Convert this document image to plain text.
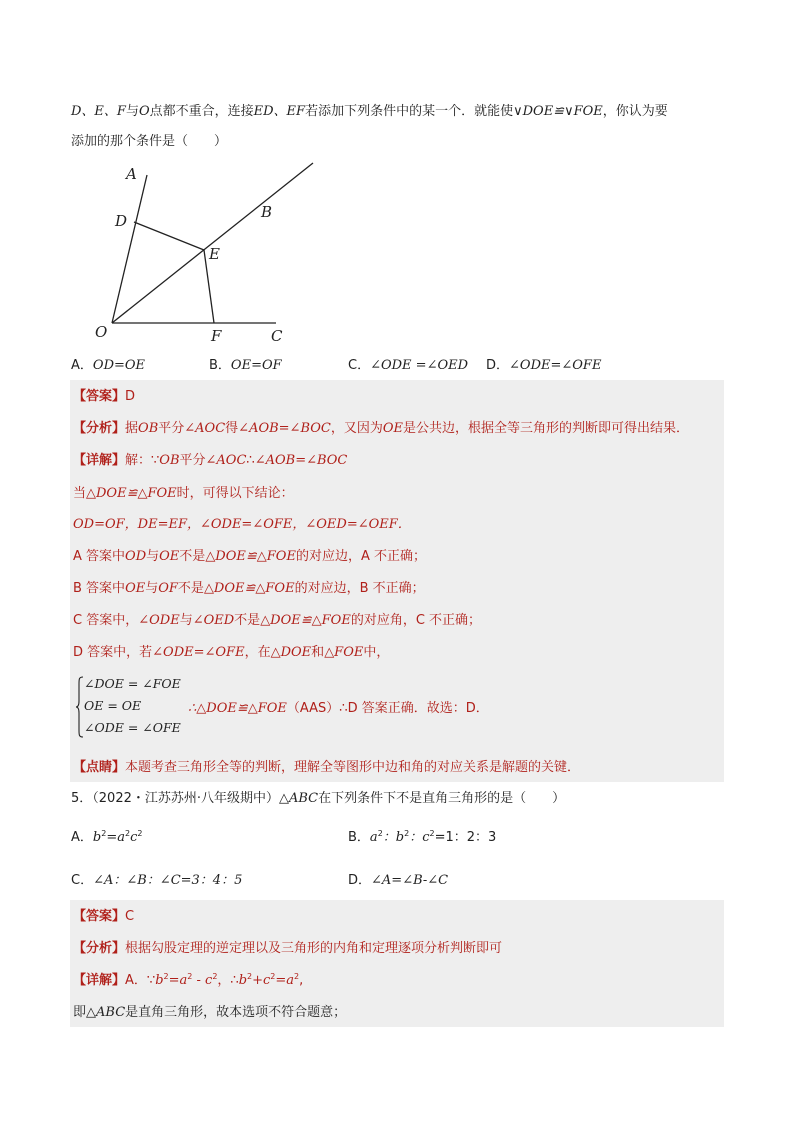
D、E、F与O点都不重合，连接ED、EF若添加下列条件中的某一个．就能使∨DOE≌∨FOE，你认为要
添加的那个条件是（　　）
A
B
C
D
E
F
O
A．OD=OE	B．OE=OF	C．∠ODE =∠OED D．∠ODE=∠OFE
【答案】D
【分析】据OB平分∠AOC得∠AOB=∠BOC，又因为OE是公共边，根据全等三角形的判断即可得出结果．
【详解】解：∵OB平分∠AOC∴∠AOB=∠BOC
当△DOE≌△FOE时，可得以下结论：
OD=OF，DE=EF，∠ODE=∠OFE，∠OED=∠OEF．
A 答案中OD与OE不是△DOE≌△FOE的对应边，A 不正确；
B 答案中OE与OF不是△DOE≌△FOE的对应边，B 不正确；
C 答案中，∠ODE与∠OED不是△DOE≌△FOE的对应角，C 不正确；
D 答案中，若∠ODE=∠OFE，在△DOE和△FOE中，
∠DOE = ∠FOE
OE = OE
∠ODE = ∠OFE
∴△DOE≌△FOE（AAS）∴D 答案正确．故选：D．
【点睛】本题考查三角形全等的判断，理解全等图形中边和角的对应关系是解题的关键．
5．（2022・江苏苏州·八年级期中）△ABC在下列条件下不是直角三角形的是（　　）
A．$b^2=a^2c^2$	B．$a^2$：$b^2$：$c^2=1$：2：3
C．∠A：∠B：∠C=3：4：5	D．∠A=∠B-∠C
【答案】C
【分析】根据勾股定理的逆定理以及三角形的内角和定理逐项分析判断即可
【详解】A．$\because b^2=a^2 - c^2$，$\therefore b^2+c^2=a^2$,
即△ABC是直角三角形，故本选项不符合题意；
